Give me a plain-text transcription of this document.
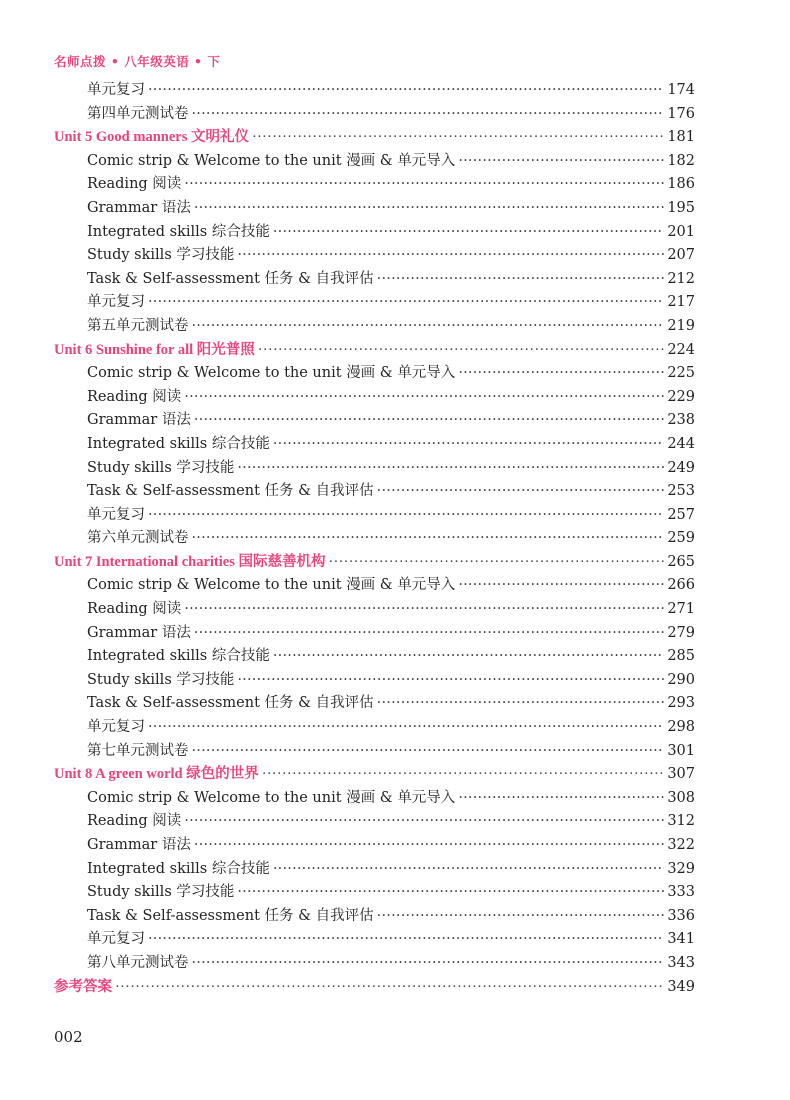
名师点拨 • 八年级英语 • 下
单元复习 ·····	174
第四单元测试卷 ·····	176
Unit 5 Good manners 文明礼仪 ·····	181
Comic strip & Welcome to the unit 漫画 & 单元导入 ·····	182
Reading 阅读 ·····	186
Grammar 语法 ·····	195
Integrated skills 综合技能 ·····	201
Study skills 学习技能 ·····	207
Task & Self-assessment 任务 & 自我评估 ·····	212
单元复习 ·····	217
第五单元测试卷 ·····	219
Unit 6 Sunshine for all 阳光普照 ·····	224
Comic strip & Welcome to the unit 漫画 & 单元导入 ·····	225
Reading 阅读 ·····	229
Grammar 语法 ·····	238
Integrated skills 综合技能 ·····	244
Study skills 学习技能 ·····	249
Task & Self-assessment 任务 & 自我评估 ·····	253
单元复习 ·····	257
第六单元测试卷 ·····	259
Unit 7 International charities 国际慈善机构 ·····	265
Comic strip & Welcome to the unit 漫画 & 单元导入 ·····	266
Reading 阅读 ·····	271
Grammar 语法 ·····	279
Integrated skills 综合技能 ·····	285
Study skills 学习技能 ·····	290
Task & Self-assessment 任务 & 自我评估 ·····	293
单元复习 ·····	298
第七单元测试卷 ·····	301
Unit 8 A green world 绿色的世界 ·····	307
Comic strip & Welcome to the unit 漫画 & 单元导入 ·····	308
Reading 阅读 ·····	312
Grammar 语法 ·····	322
Integrated skills 综合技能 ·····	329
Study skills 学习技能 ·····	333
Task & Self-assessment 任务 & 自我评估 ·····	336
单元复习 ·····	341
第八单元测试卷 ·····	343
参考答案 ·····	349
002
